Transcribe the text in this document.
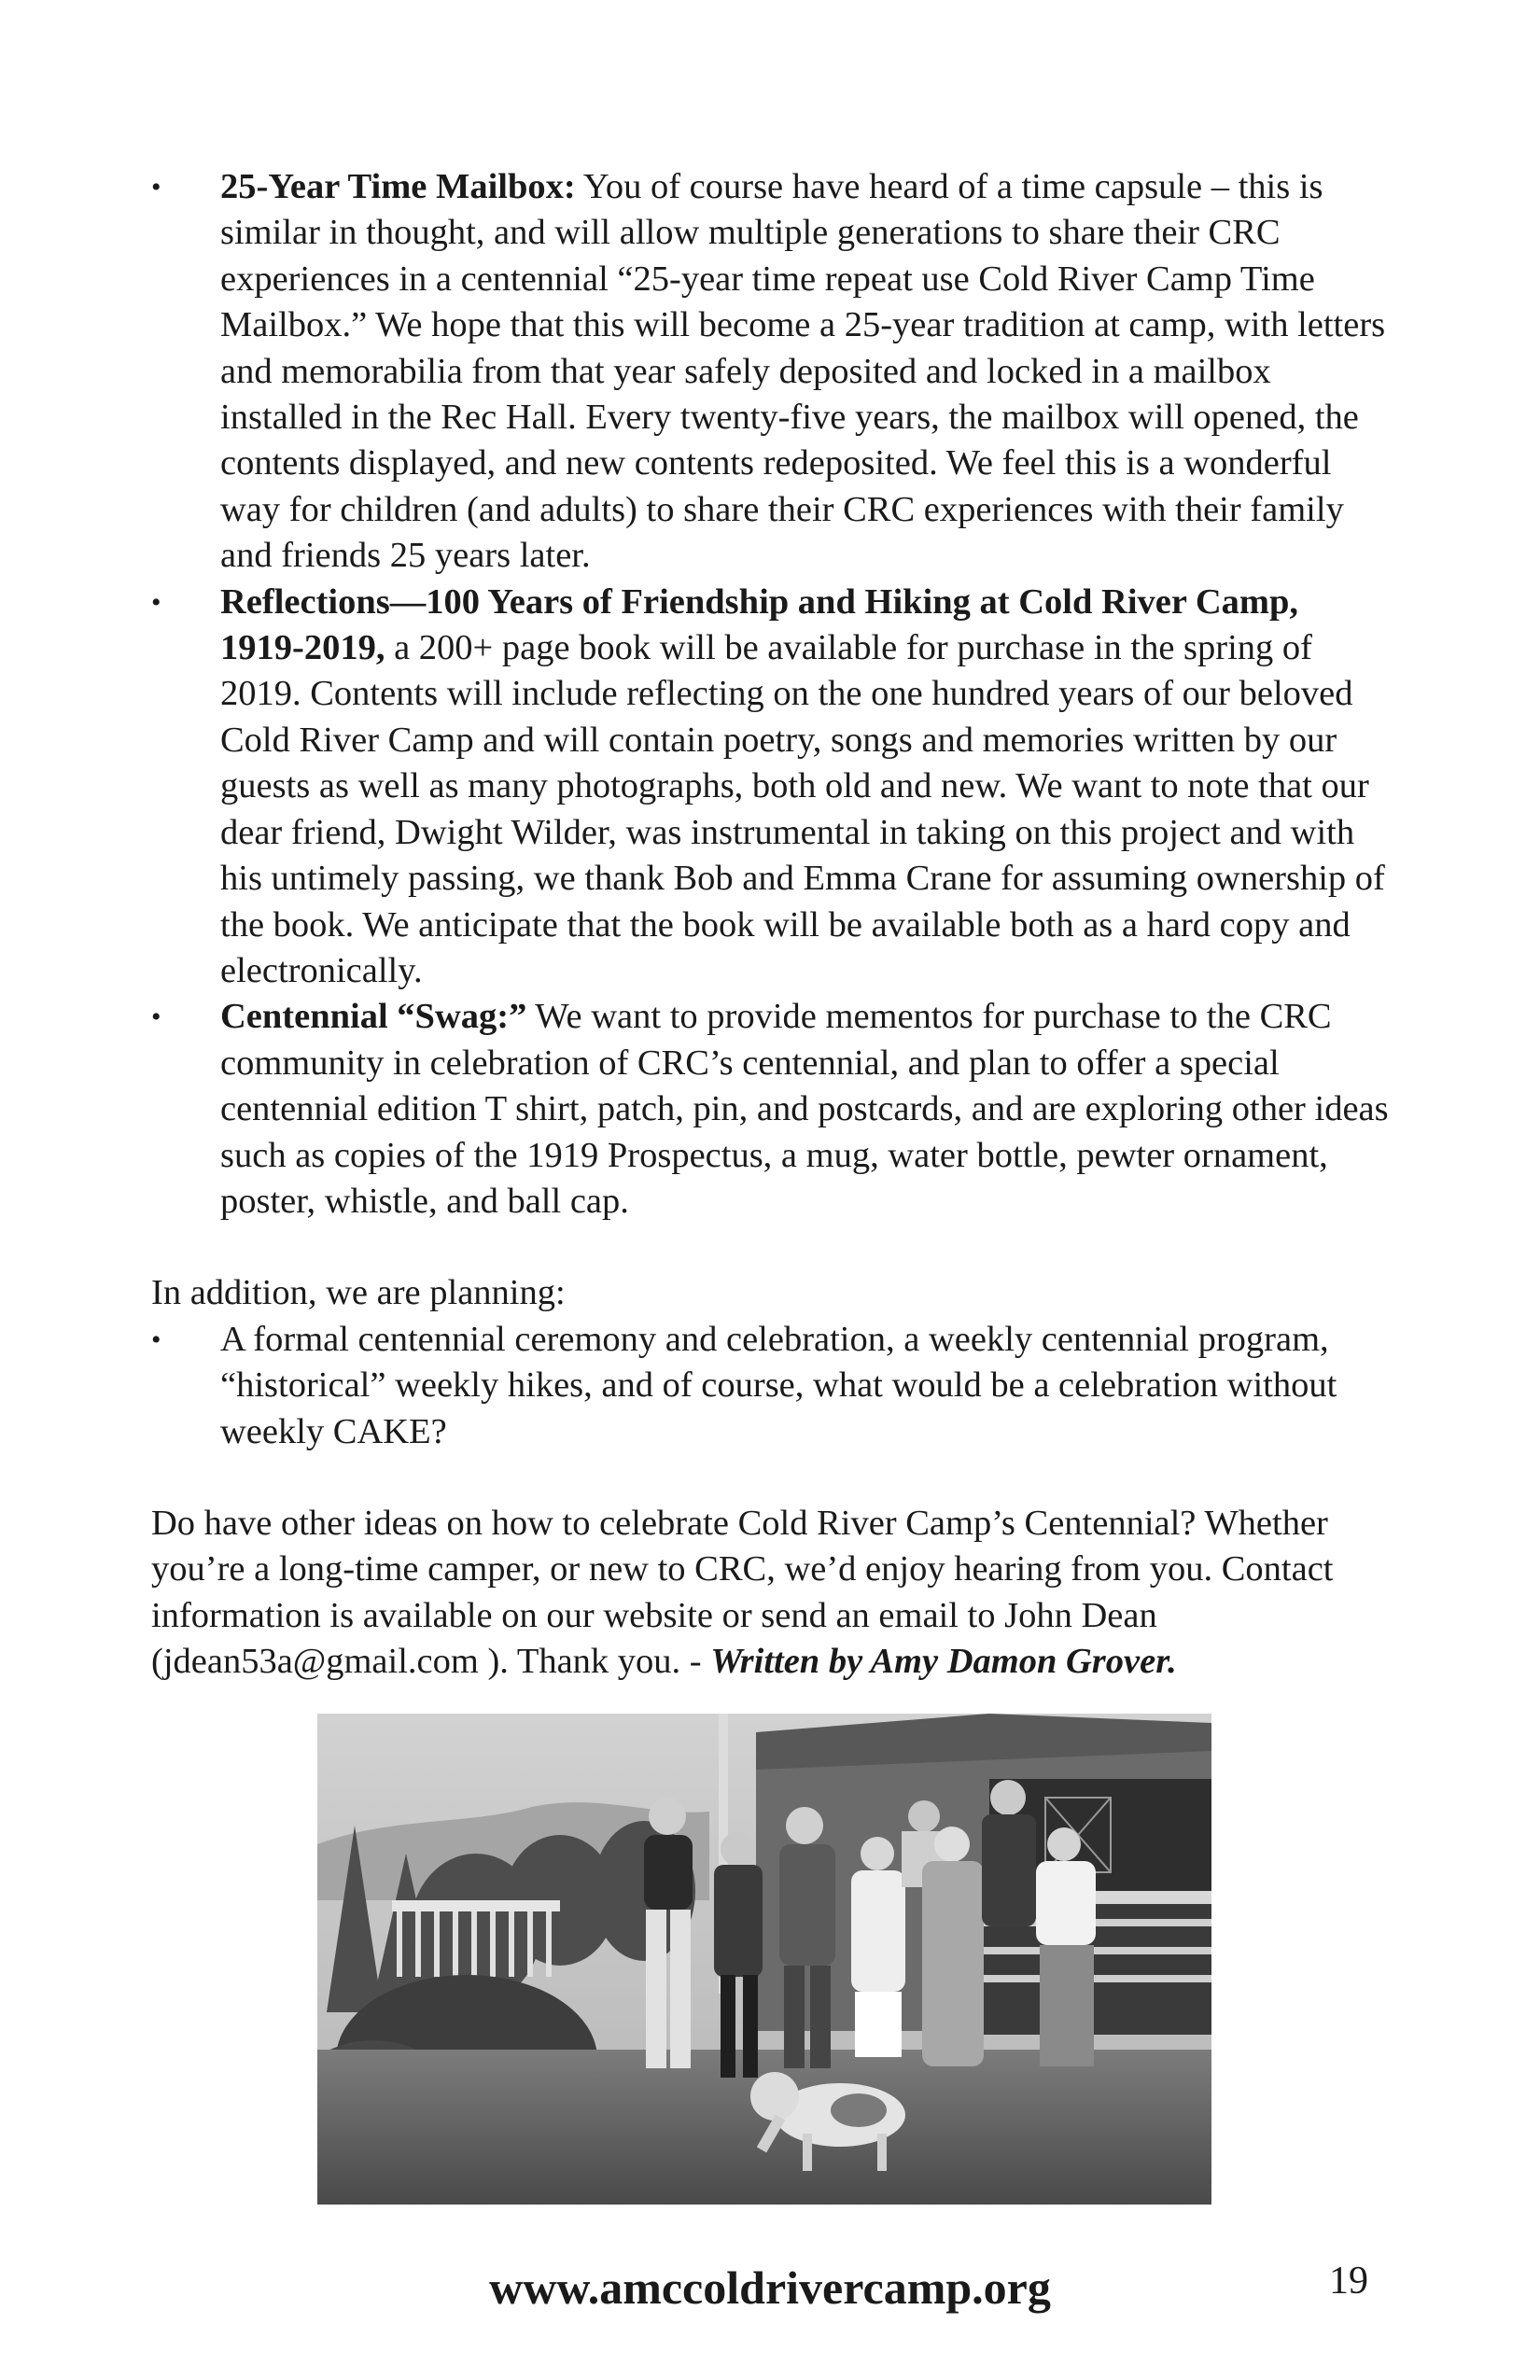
• 25-Year Time Mailbox: You of course have heard of a time capsule – this is similar in thought, and will allow multiple generations to share their CRC experiences in a centennial “25-year time repeat use Cold River Camp Time Mailbox.” We hope that this will become a 25-year tradition at camp, with letters and memorabilia from that year safely deposited and locked in a mailbox installed in the Rec Hall. Every twenty-five years, the mailbox will opened, the contents displayed, and new contents redeposited. We feel this is a wonderful way for children (and adults) to share their CRC experiences with their family and friends 25 years later.
• Reflections—100 Years of Friendship and Hiking at Cold River Camp, 1919-2019, a 200+ page book will be available for purchase in the spring of 2019. Contents will include reflecting on the one hundred years of our beloved Cold River Camp and will contain poetry, songs and memories written by our guests as well as many photographs, both old and new. We want to note that our dear friend, Dwight Wilder, was instrumental in taking on this project and with his untimely passing, we thank Bob and Emma Crane for assuming ownership of the book. We anticipate that the book will be available both as a hard copy and electronically.
• Centennial “Swag:” We want to provide mementos for purchase to the CRC community in celebration of CRC’s centennial, and plan to offer a special centennial edition T shirt, patch, pin, and postcards, and are exploring other ideas such as copies of the 1919 Prospectus, a mug, water bottle, pewter ornament, poster, whistle, and ball cap.

In addition, we are planning:

• A formal centennial ceremony and celebration, a weekly centennial program, “historical” weekly hikes, and of course, what would be a celebration without weekly CAKE?

Do have other ideas on how to celebrate Cold River Camp’s Centennial? Whether you’re a long-time camper, or new to CRC, we’d enjoy hearing from you. Contact information is available on our website or send an email to John Dean (jdean53a@gmail.com ). Thank you. - Written by Amy Damon Grover.

www.amccoldrivercamp.org	19
